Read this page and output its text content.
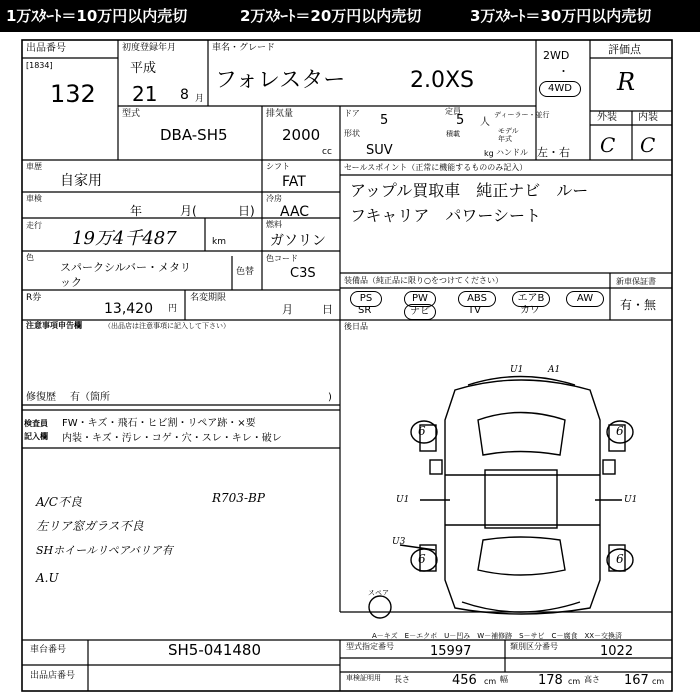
1万ｽﾀｰﾄ＝10万円以内売切	2万ｽﾀｰﾄ＝20万円以内売切	3万ｽﾀｰﾄ＝30万円以内売切
出品番号
[1834]
132
初度登録年月
平成
21 8 月
車名・グレード
フォレスター	2.0XS
2WD
・
4WD
評価点
R
外装 内装
C C
型式
DBA-SH5
排気量
2000
cc
ドア 5
定員
5 人
ディーラー・並行
モデル
年式
形状
SUV
積載
kg ハンドル 左・右
車歴
自家用
シフト
FAT
車検
年	月(	日)
冷房
AAC
走行
19万4千487	km
燃料
ガソリン
色
スパークシルバー・メタリ
ック
色替
色コード
C3S
R券
13,420 円
名変期限
月	日
セールスポイント（正常に機能するもののみ記入）
アップル買取車　純正ナビ　ルー
フキャリア　パワーシート
装備品（純正品に限り○をつけてください）
PS	PW	ABS	エアB	AW
SR	ナビ	TV	カワ
新車保証書
有・無
注意事項申告欄	（出品店は注意事項に記入して下さい）
修復歴 有（箇所	)
後日品
検査員
記入欄
FW・キズ・飛石・ヒビ割・リペア跡・×要
内装・キズ・汚レ・コゲ・穴・スレ・キレ・破レ
A/C不良
左リア窓ガラス不良
SHホイールリペアバリア有
A.U
R703-BP
6	6
6	6
U1
U1
U3
U1
A1
スペア
A－キズ　E－エクボ　U－凹み　W－補修跡　S－サビ　C－腐食　XX－交換済
車台番号	SH5-041480
出品店番号
型式指定番号	15997	類別区分番号	1022
車検証明用 長さ	456 cm 幅 178 cm 高さ 167 cm
